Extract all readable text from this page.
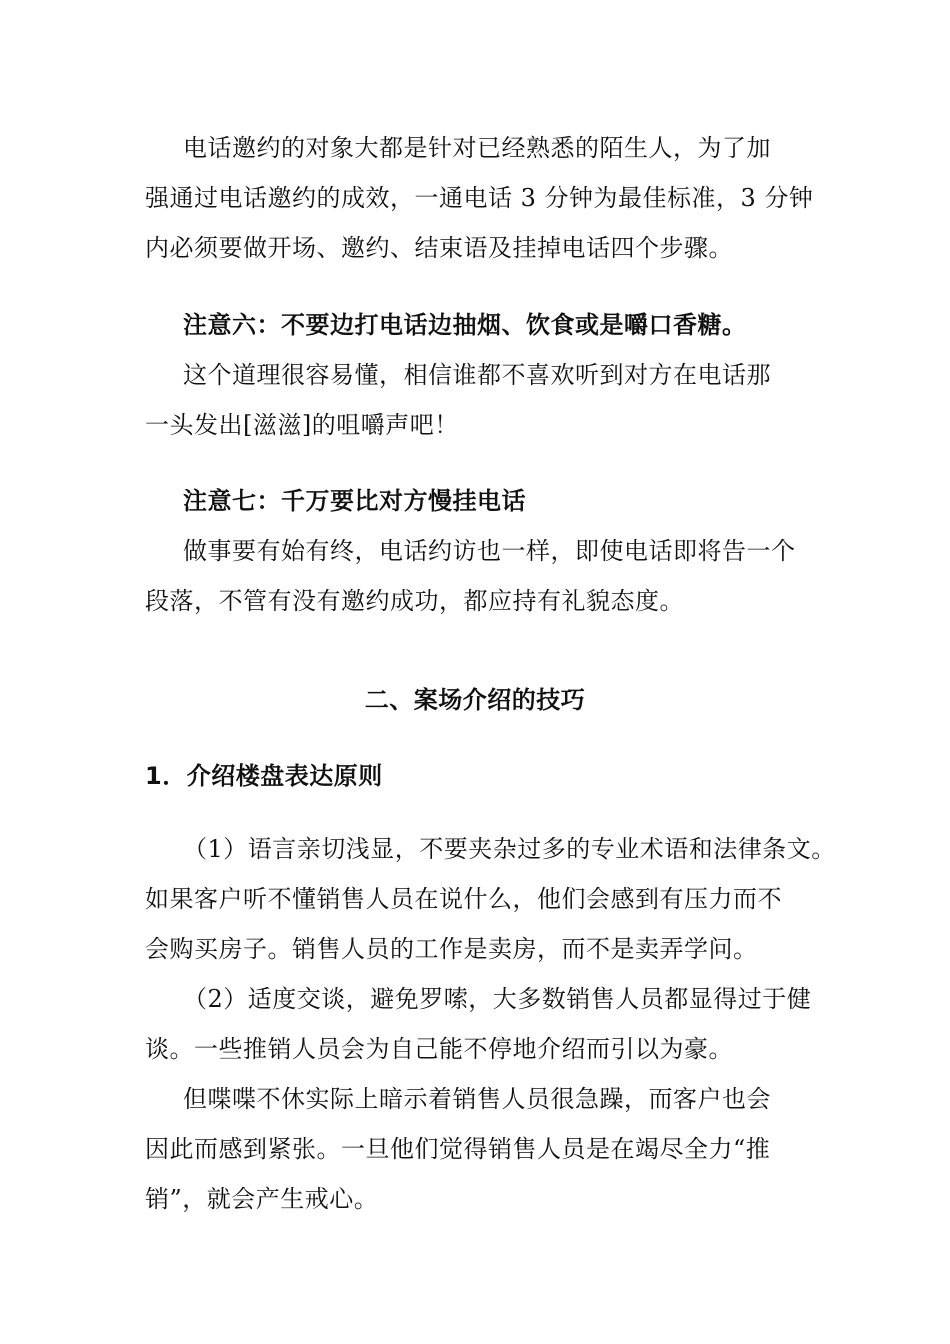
电话邀约的对象大都是针对已经熟悉的陌生人，为了加
强通过电话邀约的成效，一通电话 3 分钟为最佳标准，3 分钟
内必须要做开场、邀约、结束语及挂掉电话四个步骤。
注意六：不要边打电话边抽烟、饮食或是嚼口香糖。
这个道理很容易懂，相信谁都不喜欢听到对方在电话那
一头发出[滋滋]的咀嚼声吧！
注意七：千万要比对方慢挂电话
做事要有始有终，电话约访也一样，即使电话即将告一个
段落，不管有没有邀约成功，都应持有礼貌态度。
二、案场介绍的技巧
1．介绍楼盘表达原则
（1）语言亲切浅显，不要夹杂过多的专业术语和法律条文。
如果客户听不懂销售人员在说什么，他们会感到有压力而不
会购买房子。销售人员的工作是卖房，而不是卖弄学问。
（2）适度交谈，避免罗嗦，大多数销售人员都显得过于健
谈。一些推销人员会为自己能不停地介绍而引以为豪。
但喋喋不休实际上暗示着销售人员很急躁，而客户也会
因此而感到紧张。一旦他们觉得销售人员是在竭尽全力“推
销”，就会产生戒心。
